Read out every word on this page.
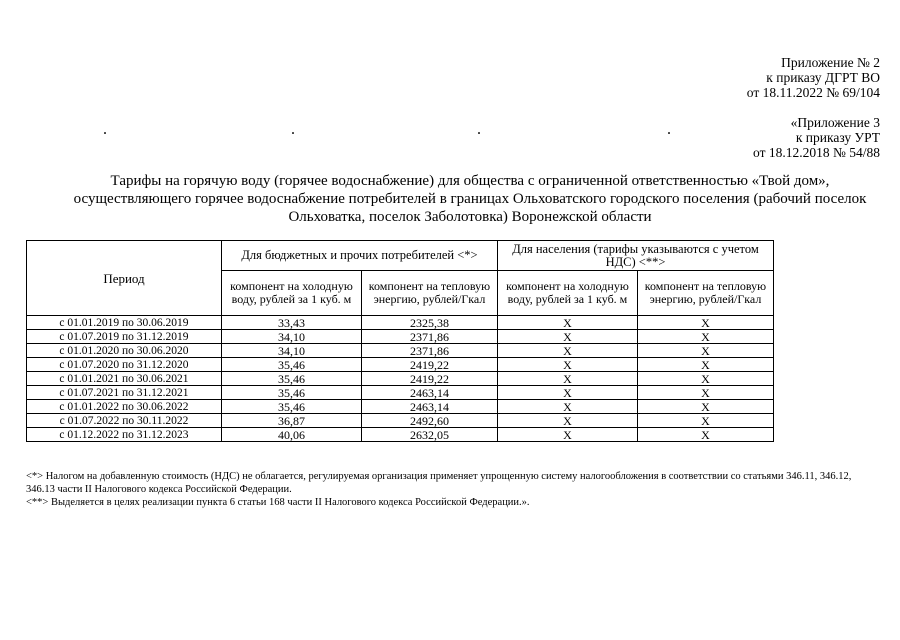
Приложение № 2
к приказу ДГРТ ВО
от 18.11.2022 № 69/104
«Приложение 3
к приказу УРТ
от 18.12.2018 № 54/88
Тарифы на горячую воду (горячее водоснабжение) для общества с ограниченной ответственностью «Твой дом», осуществляющего горячее водоснабжение потребителей в границах Ольховатского городского поселения (рабочий поселок Ольховатка, поселок Заболотовка) Воронежской области
Период	Для бюджетных и прочих потребителей <*>		Для населения (тарифы указываются с учетом НДС) <**>	
	компонент на холодную воду, рублей за 1 куб. м	компонент на тепловую энергию, рублей/Гкал	компонент на холодную воду, рублей за 1 куб. м	компонент на тепловую энергию, рублей/Гкал
с 01.01.2019 по 30.06.2019	33,43	2325,38	Х	Х
с 01.07.2019 по 31.12.2019	34,10	2371,86	Х	Х
с 01.01.2020 по 30.06.2020	34,10	2371,86	Х	Х
с 01.07.2020 по 31.12.2020	35,46	2419,22	Х	Х
с 01.01.2021 по 30.06.2021	35,46	2419,22	Х	Х
с 01.07.2021 по 31.12.2021	35,46	2463,14	Х	Х
с 01.01.2022 по 30.06.2022	35,46	2463,14	Х	Х
с 01.07.2022 по 30.11.2022	36,87	2492,60	Х	Х
с 01.12.2022 по 31.12.2023	40,06	2632,05	Х	Х

<*> Налогом на добавленную стоимость (НДС) не облагается, регулируемая организация применяет упрощенную систему налогообложения в соответствии со статьями 346.11, 346.12, 346.13 части II Налогового кодекса Российской Федерации.

<**> Выделяется в целях реализации пункта 6 статьи 168 части II Налогового кодекса Российской Федерации.».
